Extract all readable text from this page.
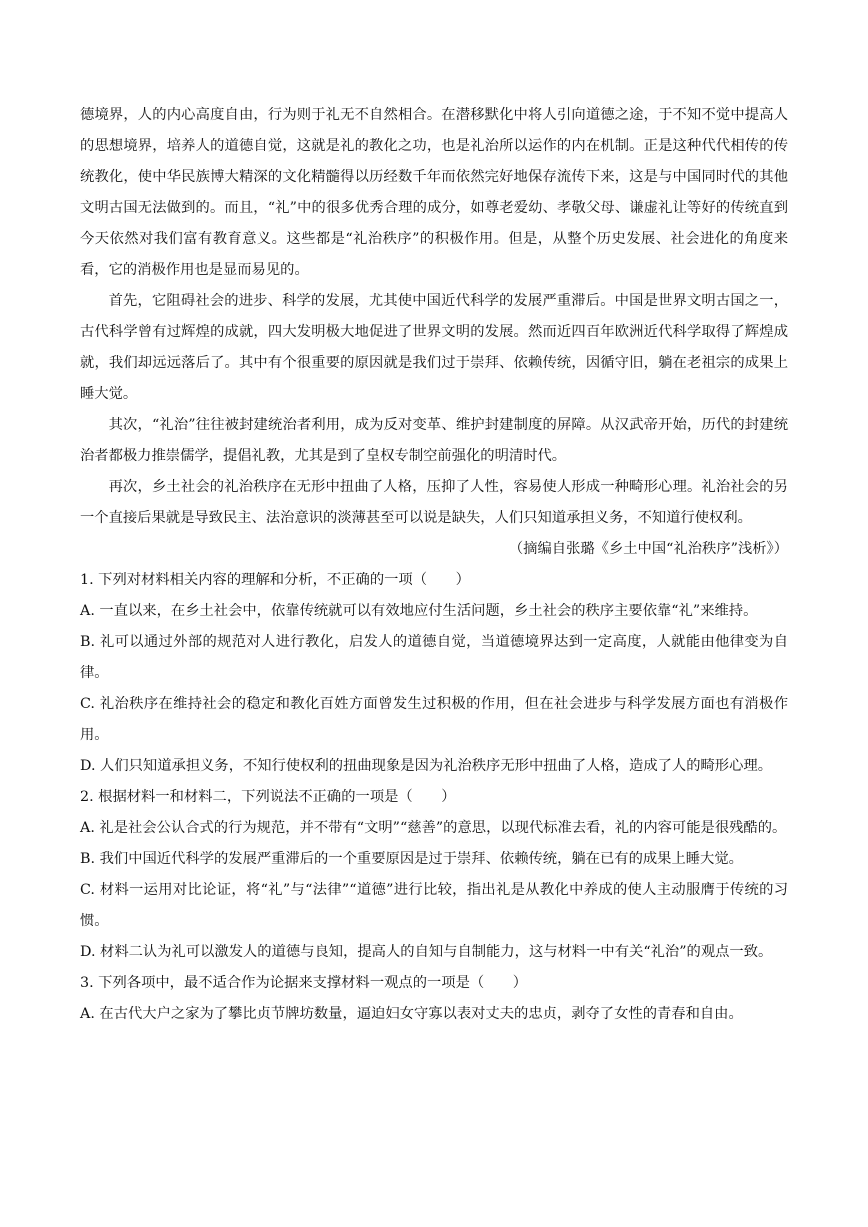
德境界，人的内心高度自由，行为则于礼无不自然相合。在潜移默化中将人引向道德之途，于不知不觉中提高人的思想境界，培养人的道德自觉，这就是礼的教化之功，也是礼治所以运作的内在机制。正是这种代代相传的传统教化，使中华民族博大精深的文化精髓得以历经数千年而依然完好地保存流传下来，这是与中国同时代的其他文明古国无法做到的。而且，“礼”中的很多优秀合理的成分，如尊老爱幼、孝敬父母、谦虚礼让等好的传统直到今天依然对我们富有教育意义。这些都是“礼治秩序”的积极作用。但是，从整个历史发展、社会进化的角度来看，它的消极作用也是显而易见的。

首先，它阻碍社会的进步、科学的发展，尤其使中国近代科学的发展严重滞后。中国是世界文明古国之一，古代科学曾有过辉煌的成就，四大发明极大地促进了世界文明的发展。然而近四百年欧洲近代科学取得了辉煌成就，我们却远远落后了。其中有个很重要的原因就是我们过于崇拜、依赖传统，因循守旧，躺在老祖宗的成果上睡大觉。

其次，“礼治”往往被封建统治者利用，成为反对变革、维护封建制度的屏障。从汉武帝开始，历代的封建统治者都极力推崇儒学，提倡礼教，尤其是到了皇权专制空前强化的明清时代。

再次，乡土社会的礼治秩序在无形中扭曲了人格，压抑了人性，容易使人形成一种畸形心理。礼治社会的另一个直接后果就是导致民主、法治意识的淡薄甚至可以说是缺失，人们只知道承担义务，不知道行使权利。

（摘编自张璐《乡土中国“礼治秩序”浅析》）

1. 下列对材料相关内容的理解和分析，不正确的一项（　　）

A. 一直以来，在乡土社会中，依靠传统就可以有效地应付生活问题，乡土社会的秩序主要依靠“礼”来维持。

B. 礼可以通过外部的规范对人进行教化，启发人的道德自觉，当道德境界达到一定高度，人就能由他律变为自律。

C. 礼治秩序在维持社会的稳定和教化百姓方面曾发生过积极的作用，但在社会进步与科学发展方面也有消极作用。

D. 人们只知道承担义务，不知行使权利的扭曲现象是因为礼治秩序无形中扭曲了人格，造成了人的畸形心理。

2. 根据材料一和材料二，下列说法不正确的一项是（　　）

A. 礼是社会公认合式的行为规范，并不带有“文明”“慈善”的意思，以现代标准去看，礼的内容可能是很残酷的。

B. 我们中国近代科学的发展严重滞后的一个重要原因是过于崇拜、依赖传统，躺在已有的成果上睡大觉。

C. 材料一运用对比论证，将“礼”与“法律”“道德”进行比较，指出礼是从教化中养成的使人主动服膺于传统的习惯。

D. 材料二认为礼可以激发人的道德与良知，提高人的自知与自制能力，这与材料一中有关“礼治”的观点一致。

3. 下列各项中，最不适合作为论据来支撑材料一观点的一项是（　　）

A. 在古代大户之家为了攀比贞节牌坊数量，逼迫妇女守寡以表对丈夫的忠贞，剥夺了女性的青春和自由。
